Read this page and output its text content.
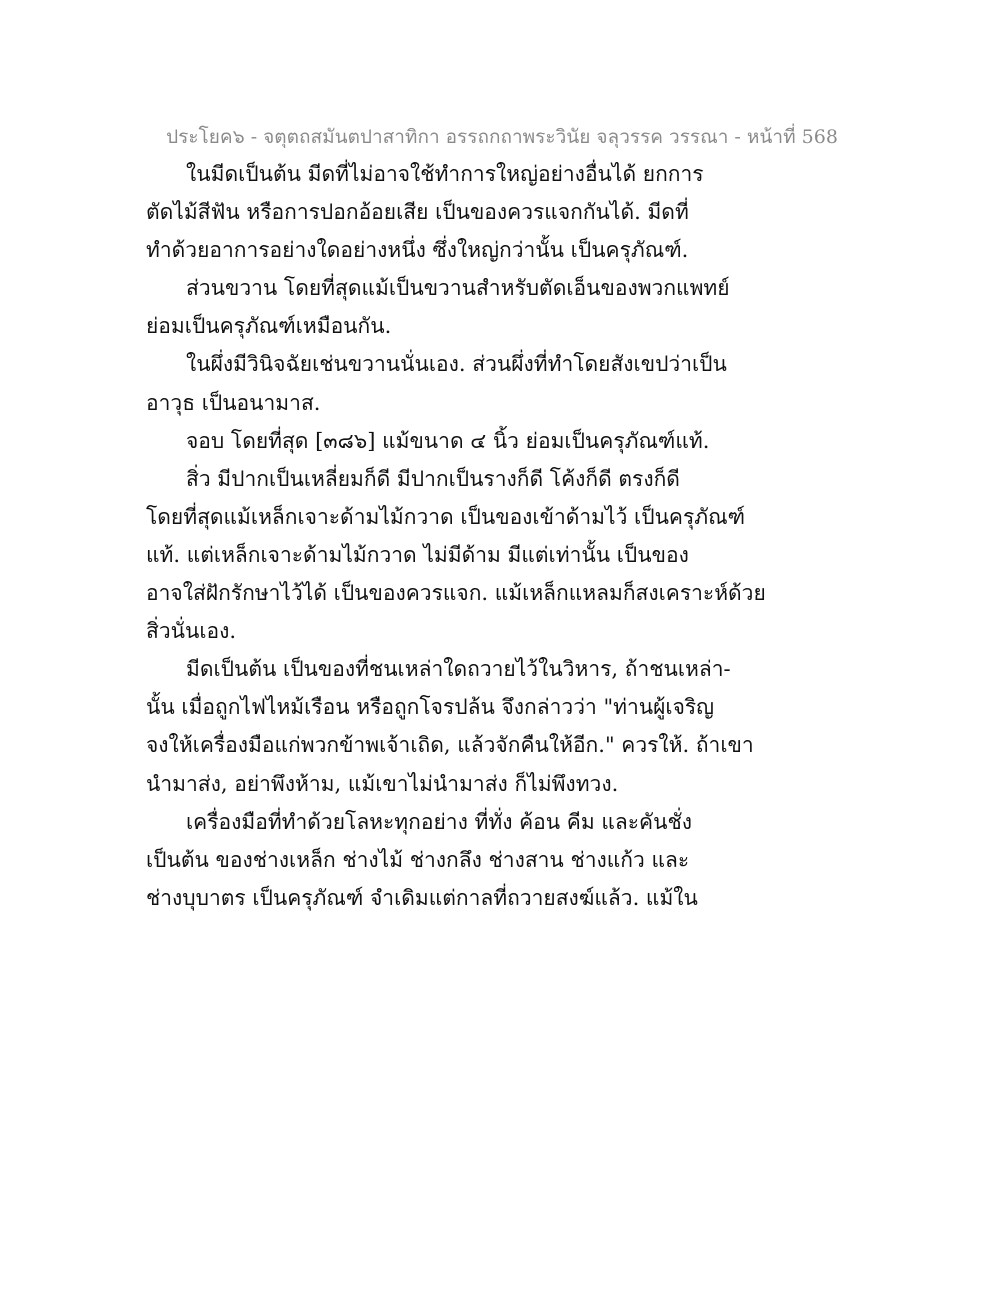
ประโยค๖ - จตุตถสมันตปาสาทิกา อรรถกถาพระวินัย จลุวรรค วรรณา - หน้าที่ 568
ในมีดเป็นต้น มีดที่ไม่อาจใช้ทำการใหญ่อย่างอื่นได้ ยกการ
ตัดไม้สีฟัน หรือการปอกอ้อยเสีย เป็นของควรแจกกันได้. มีดที่
ทำด้วยอาการอย่างใดอย่างหนึ่ง ซึ่งใหญ่กว่านั้น เป็นครุภัณฑ์.
ส่วนขวาน โดยที่สุดแม้เป็นขวานสำหรับตัดเอ็นของพวกแพทย์
ย่อมเป็นครุภัณฑ์เหมือนกัน.
ในผึ่งมีวินิจฉัยเช่นขวานนั่นเอง. ส่วนผึ่งที่ทำโดยสังเขปว่าเป็น
อาวุธ เป็นอนามาส.
จอบ โดยที่สุด [๓๘๖] แม้ขนาด ๔ นิ้ว ย่อมเป็นครุภัณฑ์แท้.
สิ่ว มีปากเป็นเหลี่ยมก็ดี มีปากเป็นรางก็ดี โค้งก็ดี ตรงก็ดี
โดยที่สุดแม้เหล็กเจาะด้ามไม้กวาด เป็นของเข้าด้ามไว้ เป็นครุภัณฑ์
แท้. แต่เหล็กเจาะด้ามไม้กวาด ไม่มีด้าม มีแต่เท่านั้น เป็นของ
อาจใส่ฝักรักษาไว้ได้ เป็นของควรแจก. แม้เหล็กแหลมก็สงเคราะห์ด้วย
สิ่วนั่นเอง.
มีดเป็นต้น เป็นของที่ชนเหล่าใดถวายไว้ในวิหาร, ถ้าชนเหล่า-
นั้น เมื่อถูกไฟไหม้เรือน หรือถูกโจรปล้น จึงกล่าวว่า "ท่านผู้เจริญ
จงให้เครื่องมือแก่พวกข้าพเจ้าเถิด, แล้วจักคืนให้อีก." ควรให้. ถ้าเขา
นำมาส่ง, อย่าพึงห้าม, แม้เขาไม่นำมาส่ง ก็ไม่พึงทวง.
เครื่องมือที่ทำด้วยโลหะทุกอย่าง ที่ทั่ง ค้อน คีม และคันชั่ง
เป็นต้น ของช่างเหล็ก ช่างไม้ ช่างกลึง ช่างสาน ช่างแก้ว และ
ช่างบุบาตร เป็นครุภัณฑ์ จำเดิมแต่กาลที่ถวายสงฆ์แล้ว. แม้ใน
